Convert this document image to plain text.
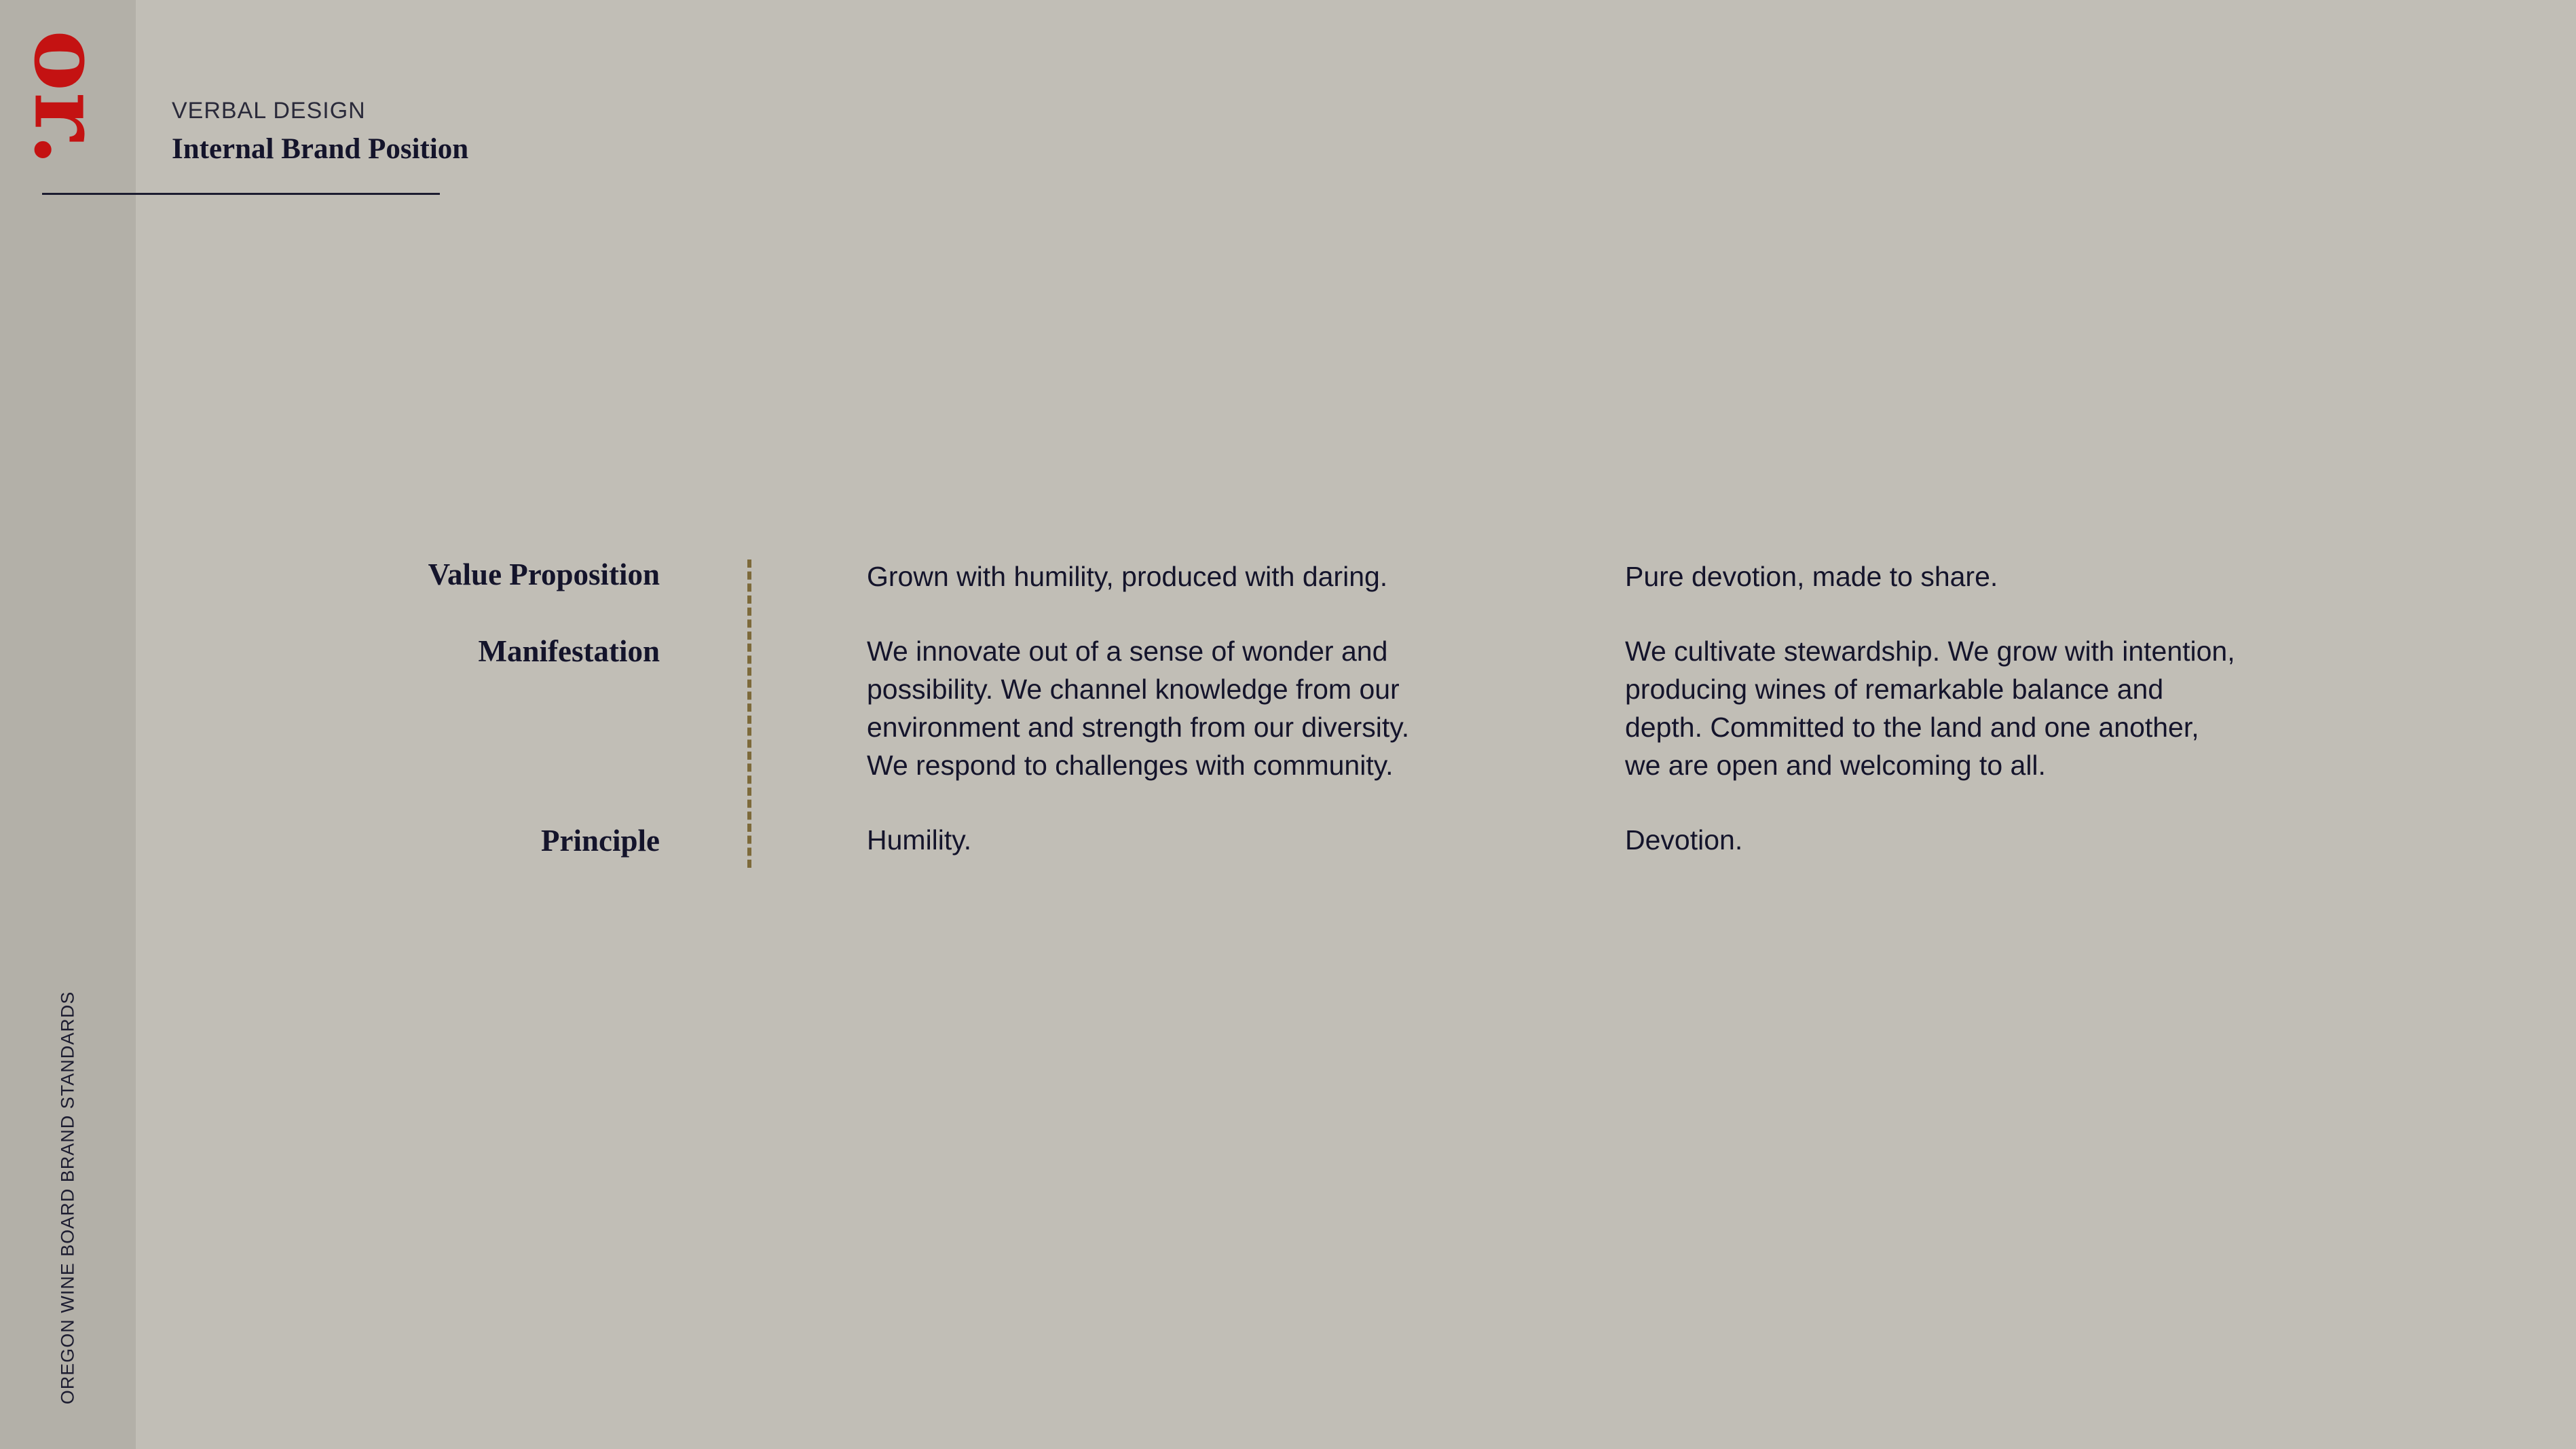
or.
OREGON WINE BOARD BRAND STANDARDS
VERBAL DESIGN
Internal Brand Position
Value Proposition
Manifestation
Principle
Grown with humility, produced with daring.	Pure devotion, made to share.
We innovate out of a sense of wonder and
possibility. We channel knowledge from our
environment and strength from our diversity.
We respond to challenges with community.
We cultivate stewardship. We grow with intention,
producing wines of remarkable balance and
depth. Committed to the land and one another,
we are open and welcoming to all.
Humility.	Devotion.
